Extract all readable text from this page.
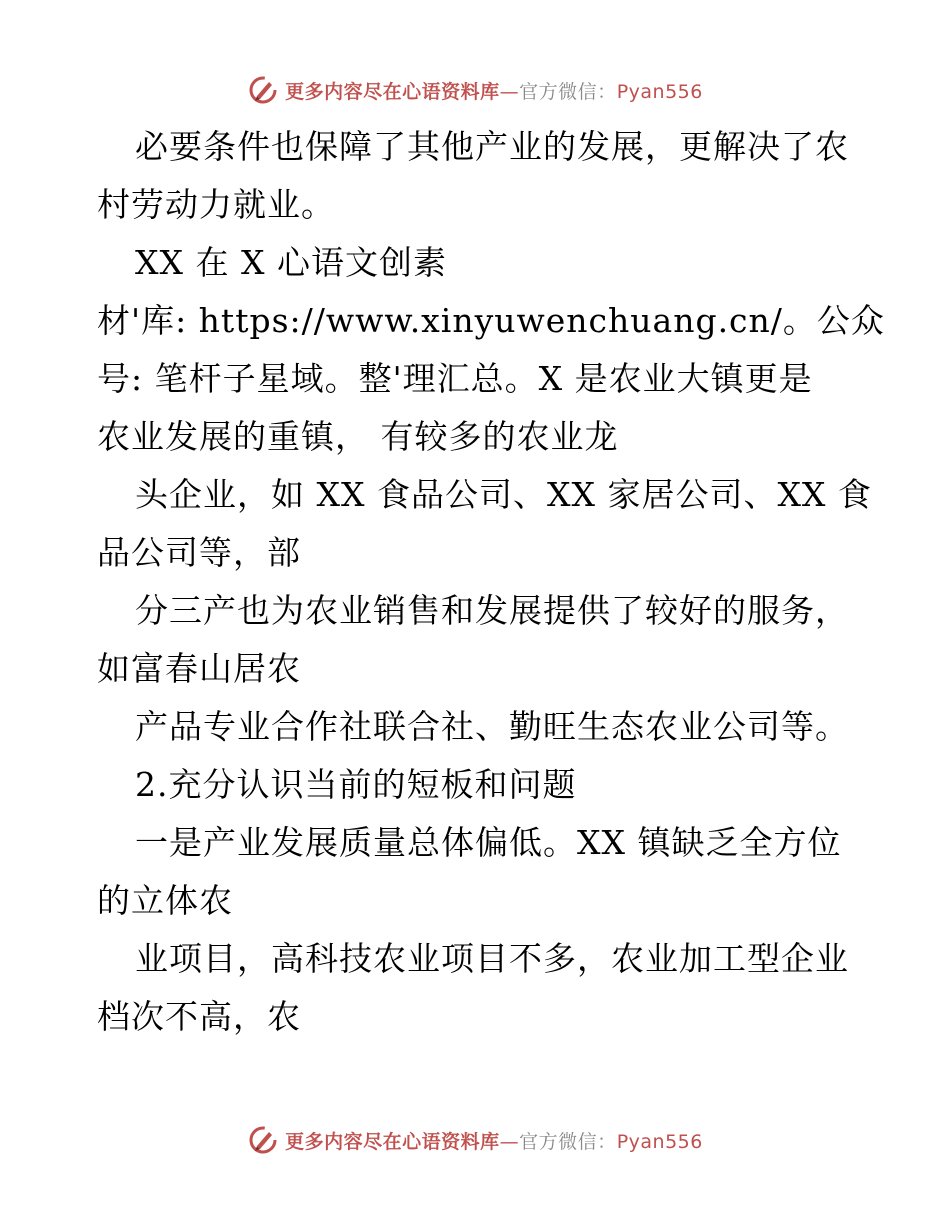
更多内容尽在心语资料库—官方微信：Pyan556
必要条件也保障了其他产业的发展，更解决了农
村劳动力就业。
XX 在 X 心语文创素
材'库: https://www.xinyuwenchuang.cn/。公众
号: 笔杆子星域。整'理汇总。X 是农业大镇更是
农业发展的重镇， 有较多的农业龙
头企业，如 XX 食品公司、XX 家居公司、XX 食
品公司等，部
分三产也为农业销售和发展提供了较好的服务，
如富春山居农
产品专业合作社联合社、勤旺生态农业公司等。
2.充分认识当前的短板和问题
一是产业发展质量总体偏低。XX 镇缺乏全方位
的立体农
业项目，高科技农业项目不多，农业加工型企业
档次不高，农
更多内容尽在心语资料库—官方微信：Pyan556
